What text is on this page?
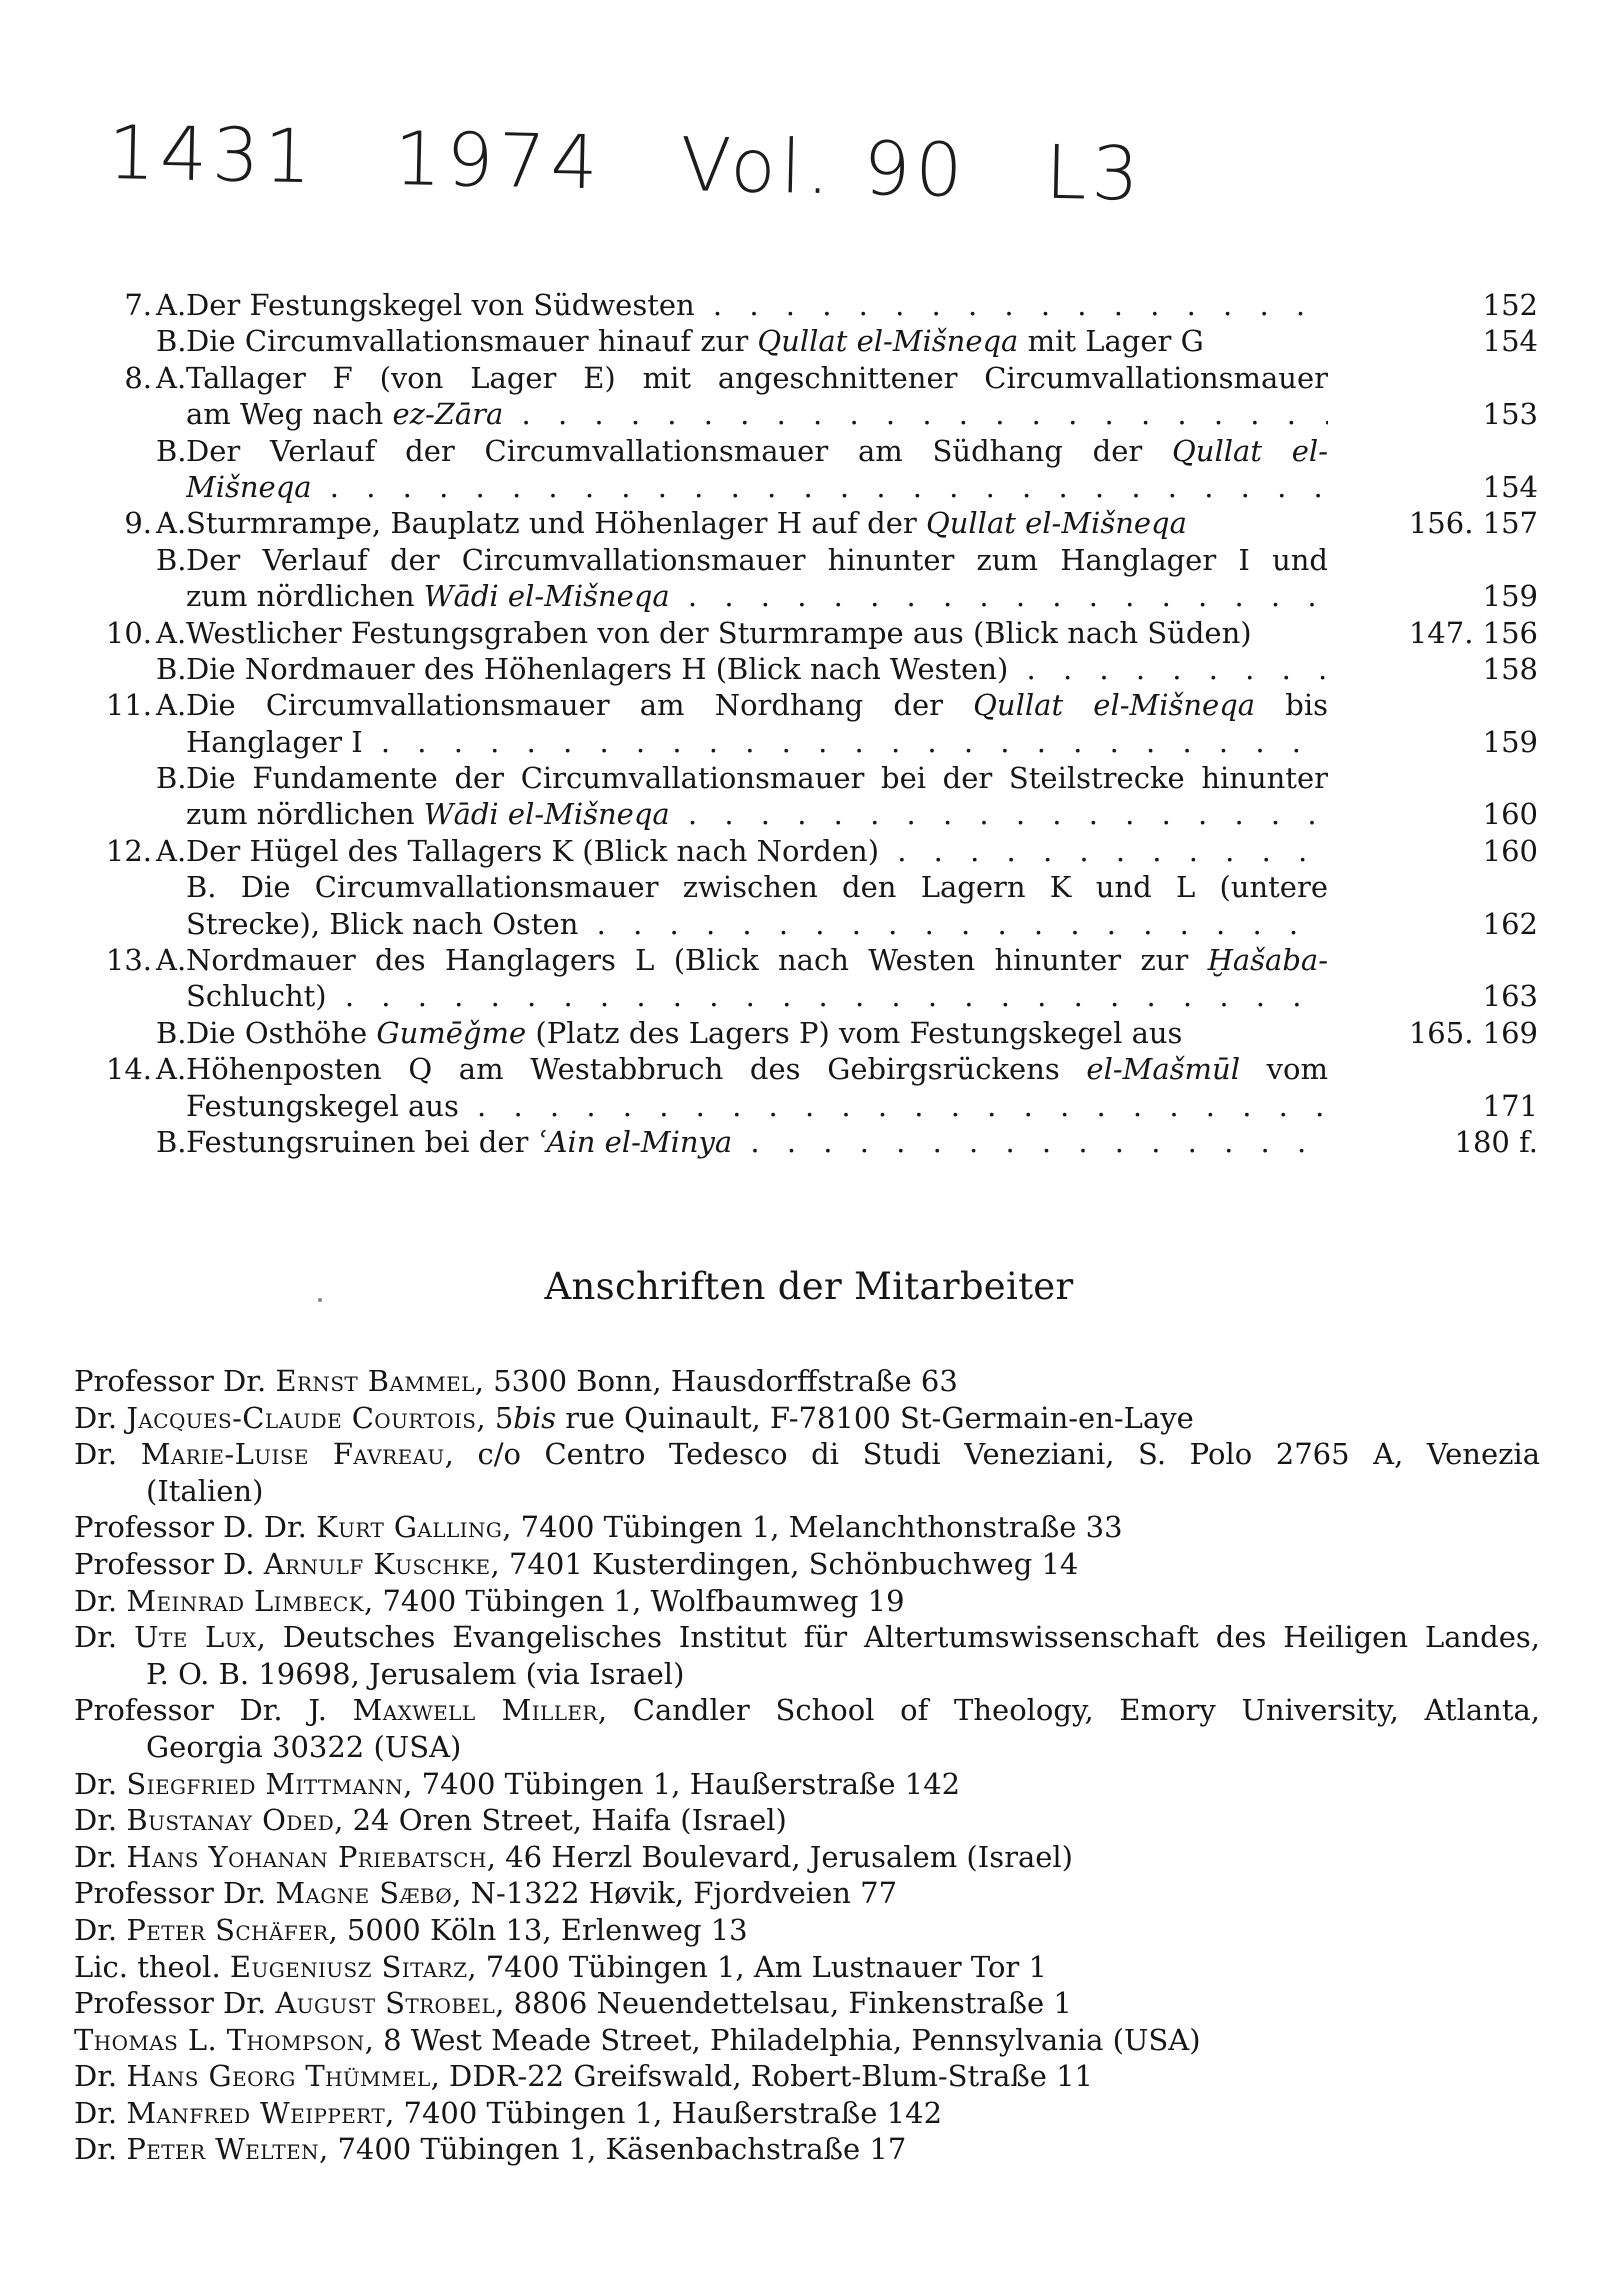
1431 1974 Vol. 90 L3
7. A. Der Festungskegel von Südwesten . . .	152
B. Die Circumvallationsmauer hinauf zur Qullat el-Mišneqa mit Lager G	154
8. A. Tallager F (von Lager E) mit angeschnittener Circumvallationsmauer
am Weg nach ez-Zāra . . .	153
B. Der Verlauf der Circumvallationsmauer am Südhang der Qullat el-
Mišneqa . . .	154
9. A. Sturmrampe, Bauplatz und Höhenlager H auf der Qullat el-Mišneqa	156. 157
B. Der Verlauf der Circumvallationsmauer hinunter zum Hanglager I und
zum nördlichen Wādi el-Mišneqa . . .	159
10. A. Westlicher Festungsgraben von der Sturmrampe aus (Blick nach Süden)	147. 156
B. Die Nordmauer des Höhenlagers H (Blick nach Westen) . . .	158
11. A. Die Circumvallationsmauer am Nordhang der Qullat el-Mišneqa bis
Hanglager I . . .	159
B. Die Fundamente der Circumvallationsmauer bei der Steilstrecke hinunter
zum nördlichen Wādi el-Mišneqa . . .	160
12. A. Der Hügel des Tallagers K (Blick nach Norden) . . .	160
B. Die Circumvallationsmauer zwischen den Lagern K und L (untere
Strecke), Blick nach Osten . . .	162
13. A. Nordmauer des Hanglagers L (Blick nach Westen hinunter zur Ḫašaba-
Schlucht) . . .	163
B. Die Osthöhe Gumēǧme (Platz des Lagers P) vom Festungskegel aus	165. 169
14. A. Höhenposten Q am Westabbruch des Gebirgsrückens el-Mašmūl vom
Festungskegel aus . . .	171
B. Festungsruinen bei der ʿAin el-Minya . . .	180 f.
Anschriften der Mitarbeiter
Professor Dr. Ernst Bammel, 5300 Bonn, Hausdorffstraße 63
Dr. Jacques-Claude Courtois, 5bis rue Quinault, F-78100 St-Germain-en-Laye
Dr. Marie-Luise Favreau, c/o Centro Tedesco di Studi Veneziani, S. Polo 2765 A, Venezia
(Italien)
Professor D. Dr. Kurt Galling, 7400 Tübingen 1, Melanchthonstraße 33
Professor D. Arnulf Kuschke, 7401 Kusterdingen, Schönbuchweg 14
Dr. Meinrad Limbeck, 7400 Tübingen 1, Wolfbaumweg 19
Dr. Ute Lux, Deutsches Evangelisches Institut für Altertumswissenschaft des Heiligen Landes,
P. O. B. 19698, Jerusalem (via Israel)
Professor Dr. J. Maxwell Miller, Candler School of Theology, Emory University, Atlanta,
Georgia 30322 (USA)
Dr. Siegfried Mittmann, 7400 Tübingen 1, Haußerstraße 142
Dr. Bustanay Oded, 24 Oren Street, Haifa (Israel)
Dr. Hans Yohanan Priebatsch, 46 Herzl Boulevard, Jerusalem (Israel)
Professor Dr. Magne Sæbø, N-1322 Høvik, Fjordveien 77
Dr. Peter Schäfer, 5000 Köln 13, Erlenweg 13
Lic. theol. Eugeniusz Sitarz, 7400 Tübingen 1, Am Lustnauer Tor 1
Professor Dr. August Strobel, 8806 Neuendettelsau, Finkenstraße 1
Thomas L. Thompson, 8 West Meade Street, Philadelphia, Pennsylvania (USA)
Dr. Hans Georg Thümmel, DDR-22 Greifswald, Robert-Blum-Straße 11
Dr. Manfred Weippert, 7400 Tübingen 1, Haußerstraße 142
Dr. Peter Welten, 7400 Tübingen 1, Käsenbachstraße 17
